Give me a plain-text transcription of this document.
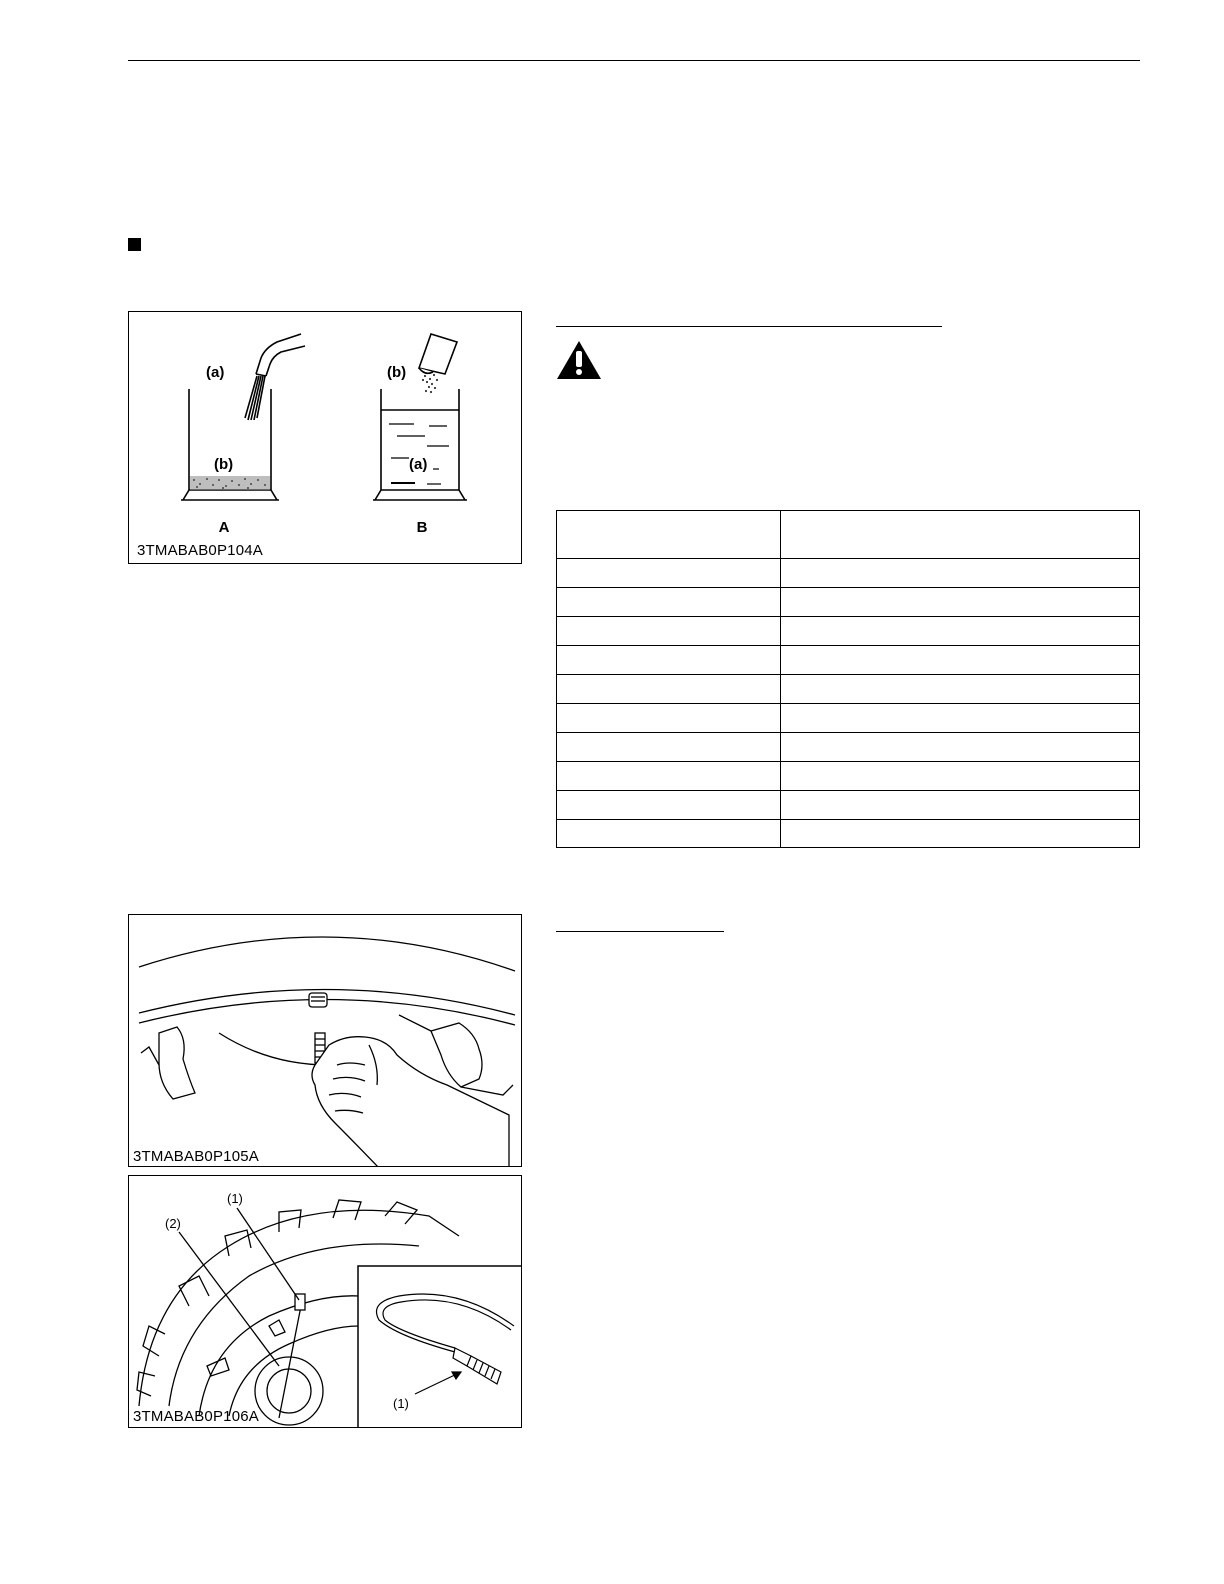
(a)
(b)
A
(b)
(a)
B
3TMABAB0P104A

3TMABAB0P105A
(1)
(2)
(1)
3TMABAB0P106A
